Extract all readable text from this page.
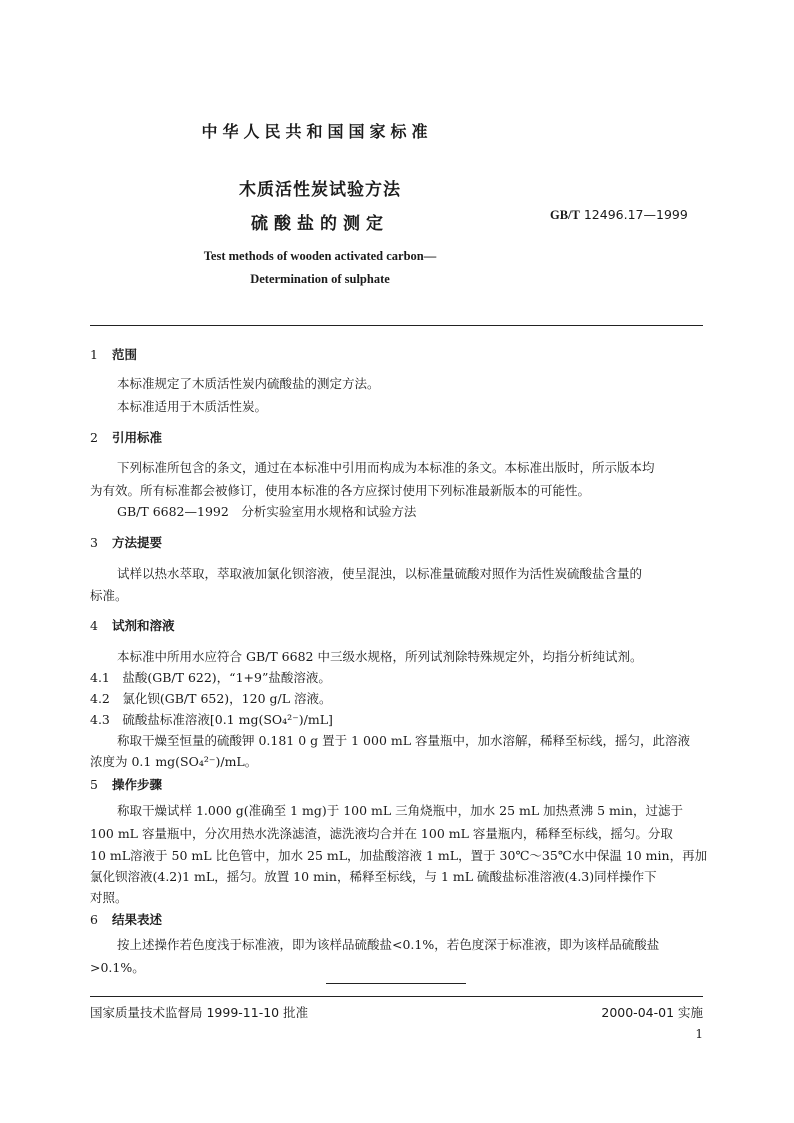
中华人民共和国国家标准
木质活性炭试验方法
硫酸盐的测定	GB/T 12496.17—1999
Test methods of wooden activated carbon—
Determination of sulphate
1 范围
本标准规定了木质活性炭内硫酸盐的测定方法。
本标准适用于木质活性炭。
2 引用标准
下列标准所包含的条文，通过在本标准中引用而构成为本标准的条文。本标准出版时，所示版本均
为有效。所有标准都会被修订，使用本标准的各方应探讨使用下列标准最新版本的可能性。
GB/T 6682—1992　分析实验室用水规格和试验方法
3 方法提要
试样以热水萃取，萃取液加氯化钡溶液，使呈混浊，以标准量硫酸对照作为活性炭硫酸盐含量的
标准。
4 试剂和溶液
本标准中所用水应符合 GB/T 6682 中三级水规格，所列试剂除特殊规定外，均指分析纯试剂。
4.1　盐酸(GB/T 622)，“1+9”盐酸溶液。
4.2　氯化钡(GB/T 652)，120 g/L 溶液。
4.3　硫酸盐标准溶液[0.1 mg(SO₄²⁻)/mL]
称取干燥至恒量的硫酸钾 0.181 0 g 置于 1 000 mL 容量瓶中，加水溶解，稀释至标线，摇匀，此溶液
浓度为 0.1 mg(SO₄²⁻)/mL。
5 操作步骤
称取干燥试样 1.000 g(准确至 1 mg)于 100 mL 三角烧瓶中，加水 25 mL 加热煮沸 5 min，过滤于
100 mL 容量瓶中，分次用热水洗涤滤渣，滤洗液均合并在 100 mL 容量瓶内，稀释至标线，摇匀。分取
10 mL溶液于 50 mL 比色管中，加水 25 mL，加盐酸溶液 1 mL，置于 30℃～35℃水中保温 10 min，再加
氯化钡溶液(4.2)1 mL，摇匀。放置 10 min，稀释至标线，与 1 mL 硫酸盐标准溶液(4.3)同样操作下
对照。
6 结果表述
按上述操作若色度浅于标准液，即为该样品硫酸盐<0.1%，若色度深于标准液，即为该样品硫酸盐
>0.1%。
国家质量技术监督局 1999-11-10 批准	2000-04-01 实施
1
